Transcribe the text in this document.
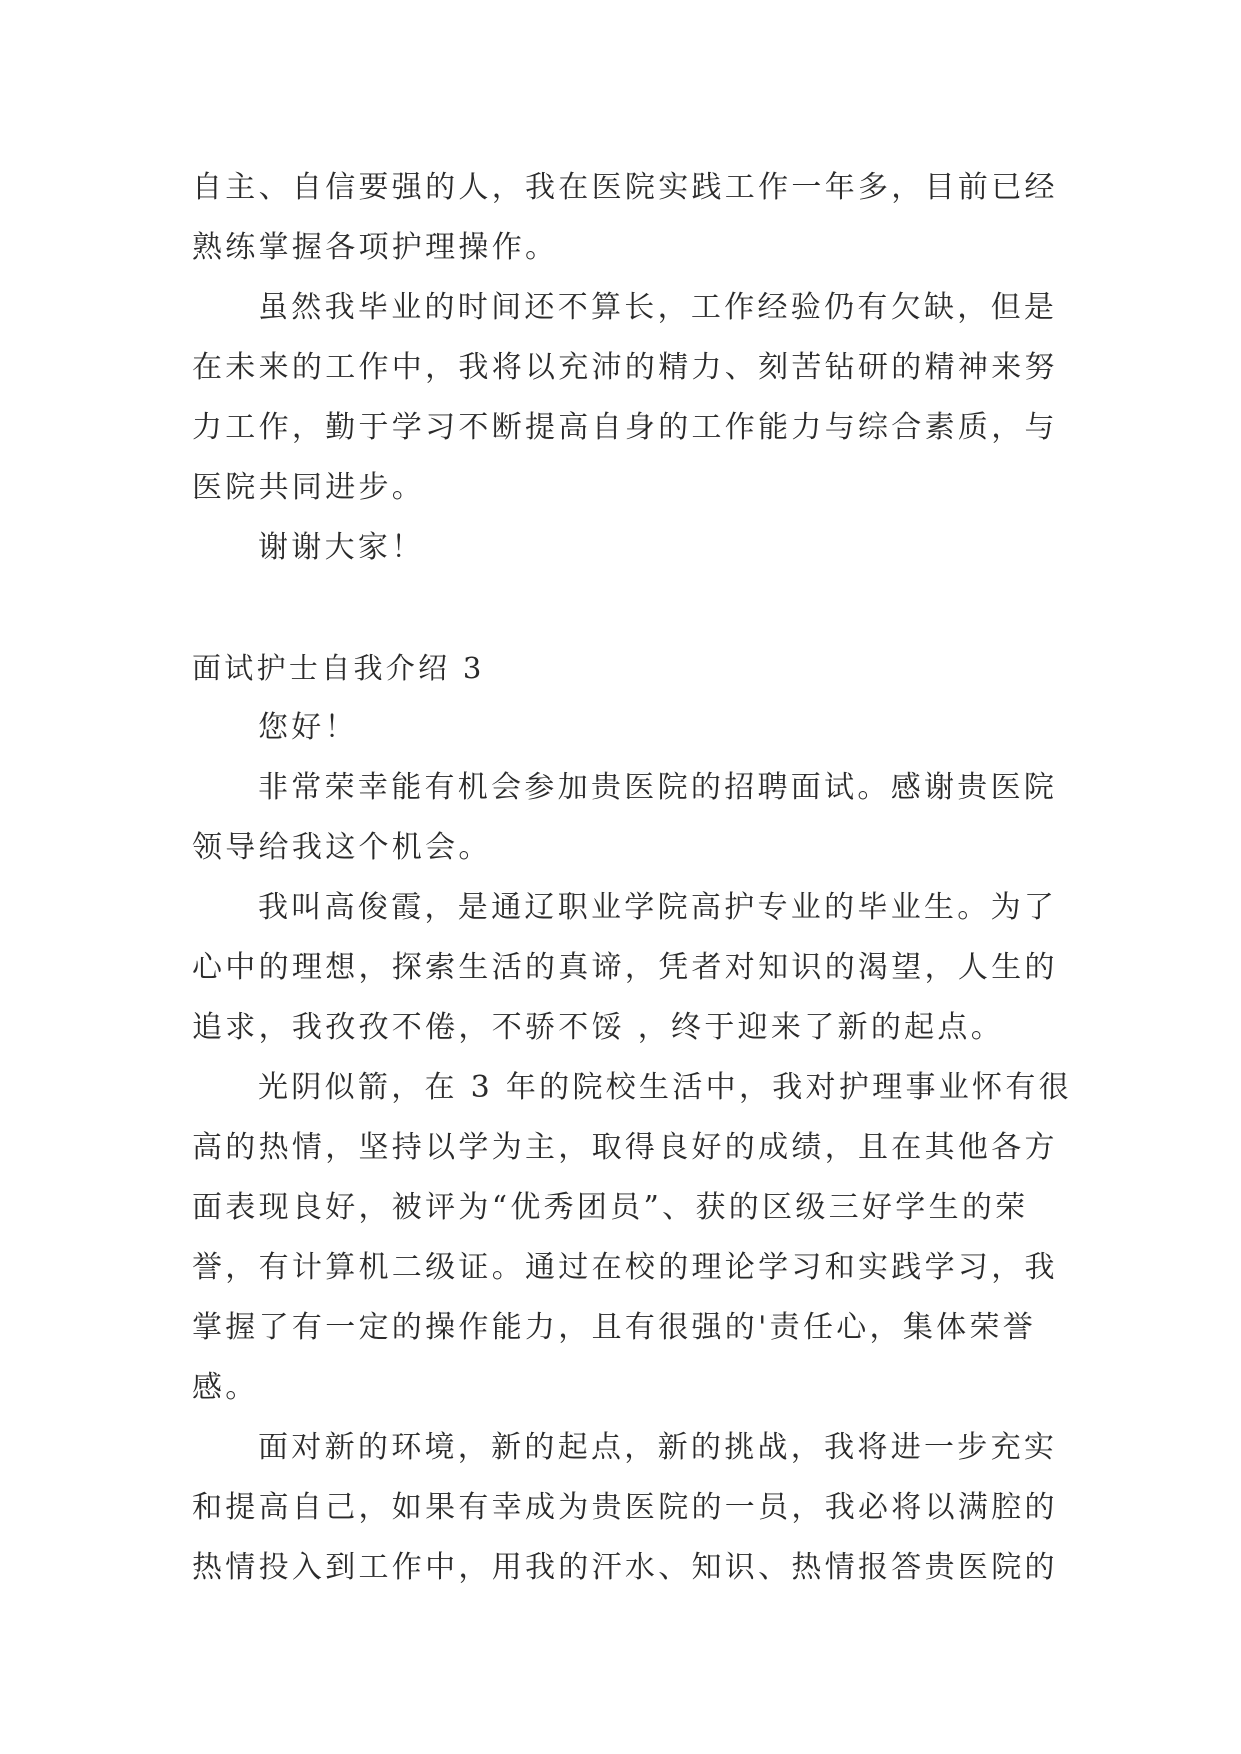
自主、自信要强的人，我在医院实践工作一年多，目前已经

熟练掌握各项护理操作。

虽然我毕业的时间还不算长，工作经验仍有欠缺，但是

在未来的工作中，我将以充沛的精力、刻苦钻研的精神来努

力工作，勤于学习不断提高自身的工作能力与综合素质，与

医院共同进步。

谢谢大家！

面试护士自我介绍 3

您好！

非常荣幸能有机会参加贵医院的招聘面试。感谢贵医院

领导给我这个机会。

我叫高俊霞，是通辽职业学院高护专业的毕业生。为了

心中的理想，探索生活的真谛，凭者对知识的渴望，人生的

追求，我孜孜不倦，不骄不馁 ，终于迎来了新的起点。

光阴似箭，在 3 年的院校生活中，我对护理事业怀有很

高的热情，坚持以学为主，取得良好的成绩，且在其他各方

面表现良好，被评为“优秀团员”、获的区级三好学生的荣

誉，有计算机二级证。通过在校的理论学习和实践学习，我

掌握了有一定的操作能力，且有很强的'责任心，集体荣誉

感。

面对新的环境，新的起点，新的挑战，我将进一步充实

和提高自己，如果有幸成为贵医院的一员，我必将以满腔的

热情投入到工作中，用我的汗水、知识、热情报答贵医院的
